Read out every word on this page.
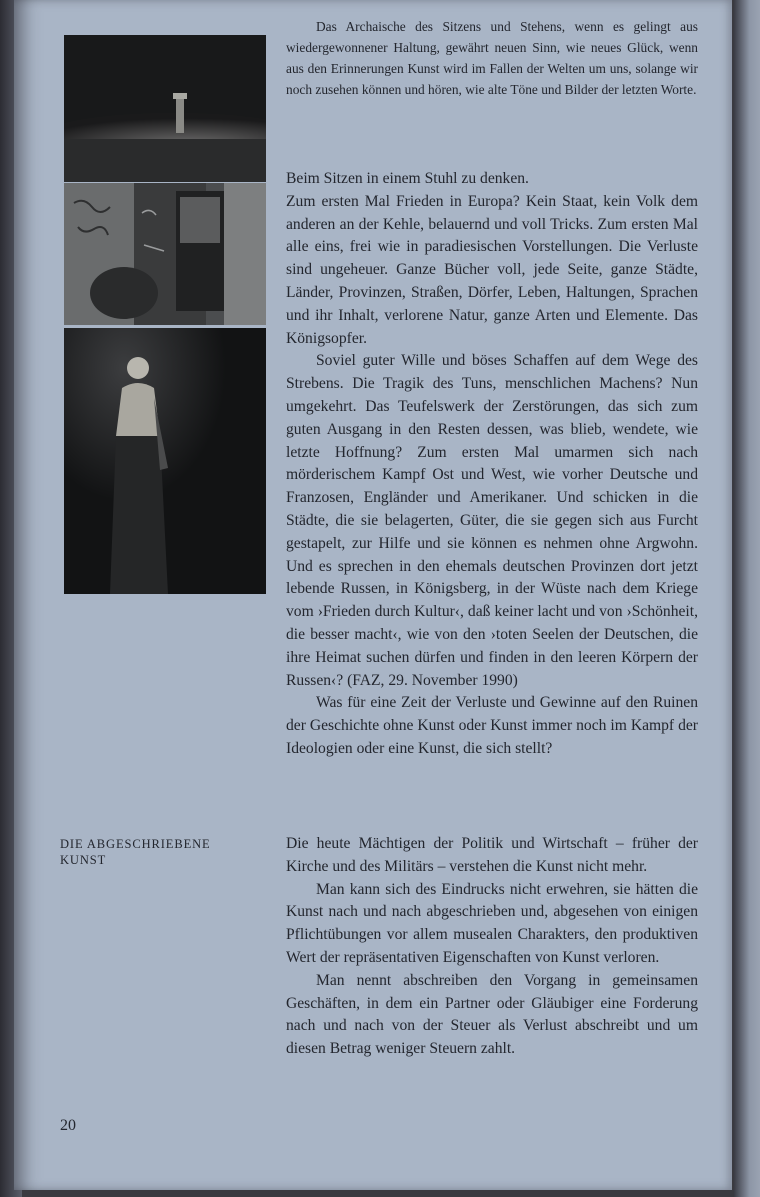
Das Archaische des Sitzens und Stehens, wenn es gelingt aus wiedergewonnener Haltung, gewährt neuen Sinn, wie neues Glück, wenn aus den Erinnerungen Kunst wird im Fallen der Welten um uns, solange wir noch zusehen können und hören, wie alte Töne und Bilder der letzten Worte.

Beim Sitzen in einem Stuhl zu denken.

Zum ersten Mal Frieden in Europa? Kein Staat, kein Volk dem anderen an der Kehle, belauernd und voll Tricks. Zum ersten Mal alle eins, frei wie in paradiesischen Vorstellungen. Die Verluste sind ungeheuer. Ganze Bücher voll, jede Seite, ganze Städte, Länder, Provinzen, Straßen, Dörfer, Leben, Haltungen, Sprachen und ihr Inhalt, verlorene Natur, ganze Arten und Elemente. Das Königsopfer.

Soviel guter Wille und böses Schaffen auf dem Wege des Strebens. Die Tragik des Tuns, menschlichen Machens? Nun umgekehrt. Das Teufelswerk der Zerstörungen, das sich zum guten Ausgang in den Resten dessen, was blieb, wendete, wie letzte Hoffnung? Zum ersten Mal umarmen sich nach mörderischem Kampf Ost und West, wie vorher Deutsche und Franzosen, Engländer und Amerikaner. Und schicken in die Städte, die sie belagerten, Güter, die sie gegen sich aus Furcht gestapelt, zur Hilfe und sie können es nehmen ohne Argwohn. Und es sprechen in den ehemals deutschen Provinzen dort jetzt lebende Russen, in Königsberg, in der Wüste nach dem Kriege vom ›Frieden durch Kultur‹, daß keiner lacht und von ›Schönheit, die besser macht‹, wie von den ›toten Seelen der Deutschen, die ihre Heimat suchen dürfen und finden in den leeren Körpern der Russen‹? (FAZ, 29. November 1990)

Was für eine Zeit der Verluste und Gewinne auf den Ruinen der Geschichte ohne Kunst oder Kunst immer noch im Kampf der Ideologien oder eine Kunst, die sich stellt?

DIE ABGESCHRIEBENE KUNST

Die heute Mächtigen der Politik und Wirtschaft – früher der Kirche und des Militärs – verstehen die Kunst nicht mehr.

Man kann sich des Eindrucks nicht erwehren, sie hätten die Kunst nach und nach abgeschrieben und, abgesehen von einigen Pflichtübungen vor allem musealen Charakters, den produktiven Wert der repräsentativen Eigenschaften von Kunst verloren.

Man nennt abschreiben den Vorgang in gemeinsamen Geschäften, in dem ein Partner oder Gläubiger eine Forderung nach und nach von der Steuer als Verlust abschreibt und um diesen Betrag weniger Steuern zahlt.

20
